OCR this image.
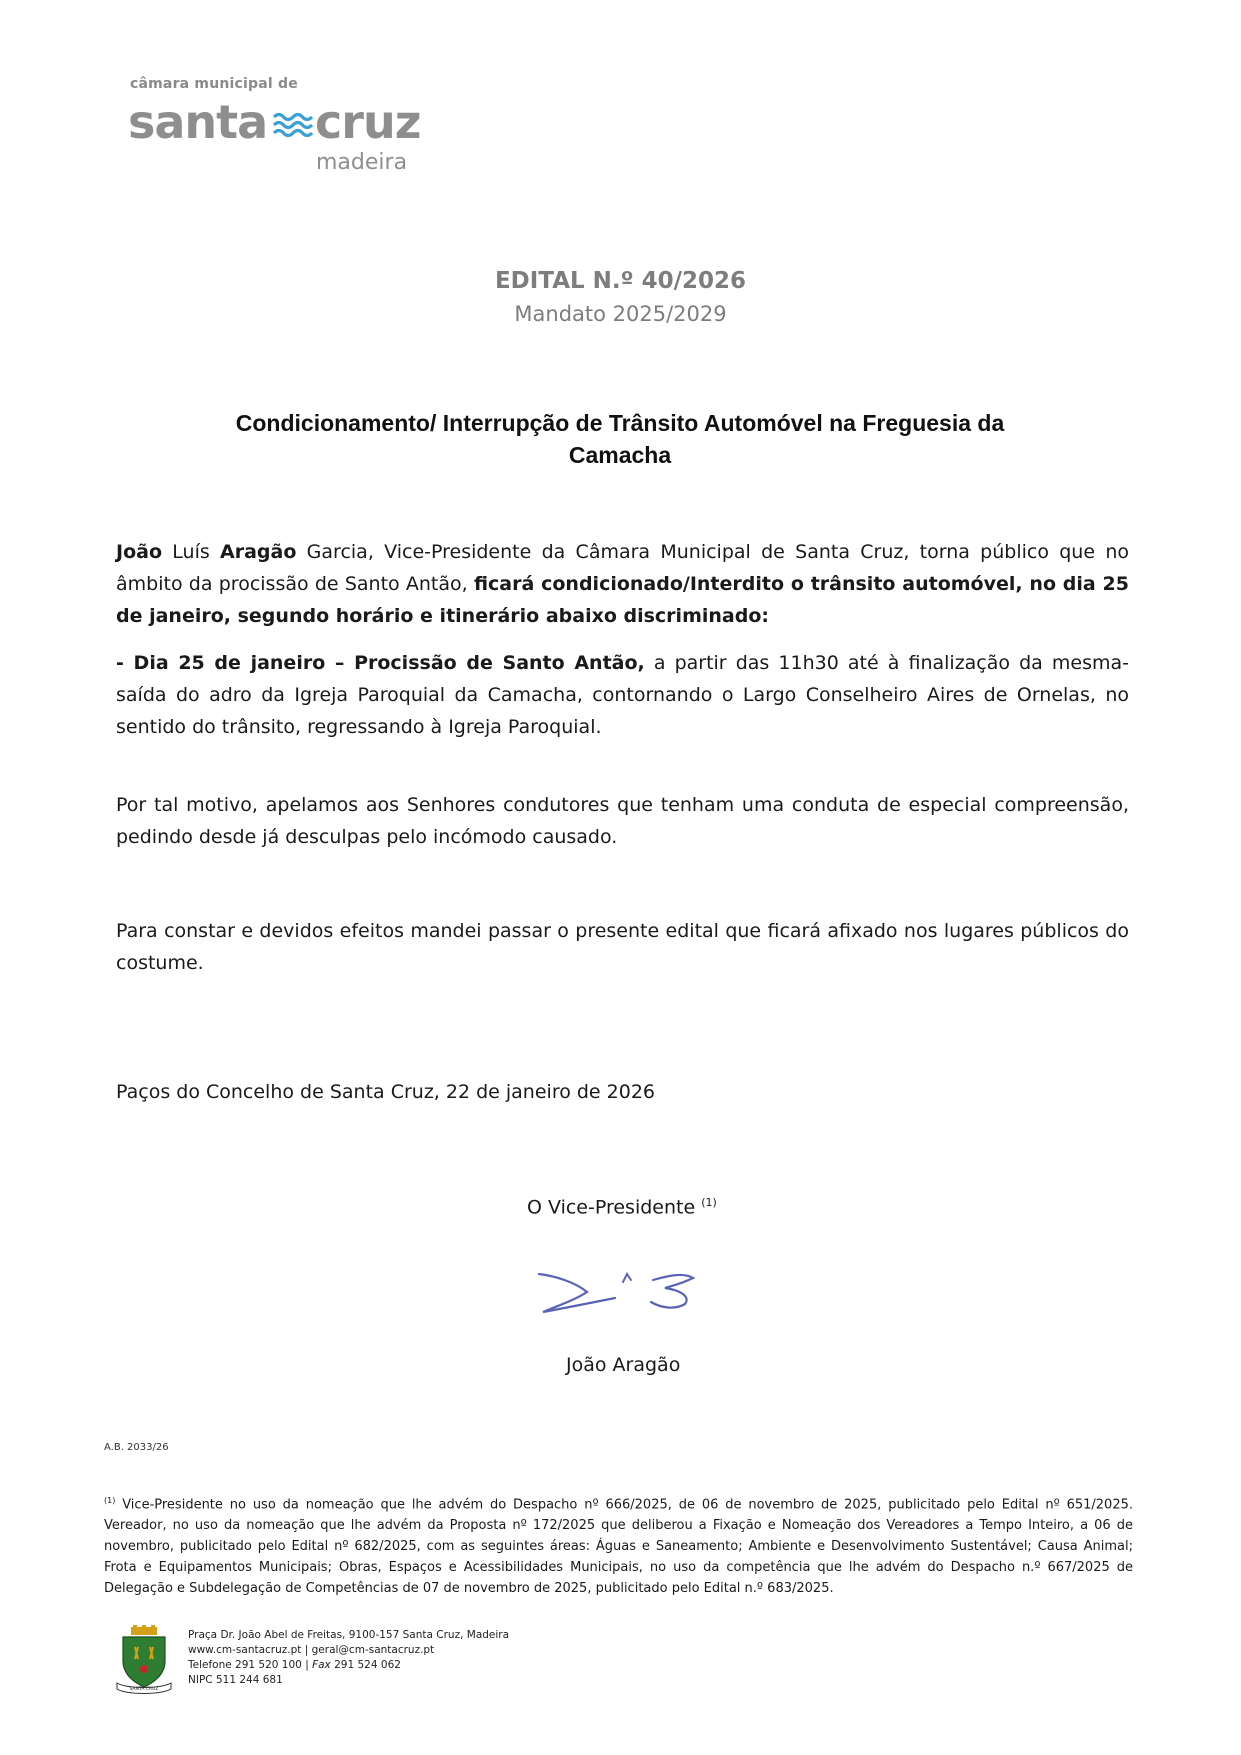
câmara municipal de
santa cruz
madeira
EDITAL N.º 40/2026
Mandato 2025/2029
Condicionamento/ Interrupção de Trânsito Automóvel na Freguesia da
Camacha
João Luís Aragão Garcia, Vice-Presidente da Câmara Municipal de Santa Cruz, torna público que no âmbito da procissão de Santo Antão, ficará condicionado/Interdito o trânsito automóvel, no dia 25 de janeiro, segundo horário e itinerário abaixo discriminado:
- Dia 25 de janeiro – Procissão de Santo Antão, a partir das 11h30 até à finalização da mesma- saída do adro da Igreja Paroquial da Camacha, contornando o Largo Conselheiro Aires de Ornelas, no sentido do trânsito, regressando à Igreja Paroquial.
Por tal motivo, apelamos aos Senhores condutores que tenham uma conduta de especial compreensão, pedindo desde já desculpas pelo incómodo causado.
Para constar e devidos efeitos mandei passar o presente edital que ficará afixado nos lugares públicos do costume.
Paços do Concelho de Santa Cruz, 22 de janeiro de 2026
O Vice-Presidente $^{(1)}$
João Aragão
A.B. 2033/26
$^{(1)}$ Vice-Presidente no uso da nomeação que lhe advém do Despacho nº 666/2025, de 06 de novembro de 2025, publicitado pelo Edital nº 651/2025. Vereador, no uso da nomeação que lhe advém da Proposta nº 172/2025 que deliberou a Fixação e Nomeação dos Vereadores a Tempo Inteiro, a 06 de novembro, publicitado pelo Edital nº 682/2025, com as seguintes áreas: Águas e Saneamento; Ambiente e Desenvolvimento Sustentável; Causa Animal; Frota e Equipamentos Municipais; Obras, Espaços e Acessibilidades Municipais, no uso da competência que lhe advém do Despacho n.º 667/2025 de Delegação e Subdelegação de Competências de 07 de novembro de 2025, publicitado pelo Edital n.º 683/2025.
SANTA CRUZ
Praça Dr. João Abel de Freitas, 9100-157 Santa Cruz, Madeira
www.cm-santacruz.pt | geral@cm-santacruz.pt
Telefone 291 520 100 | Fax 291 524 062
NIPC 511 244 681
